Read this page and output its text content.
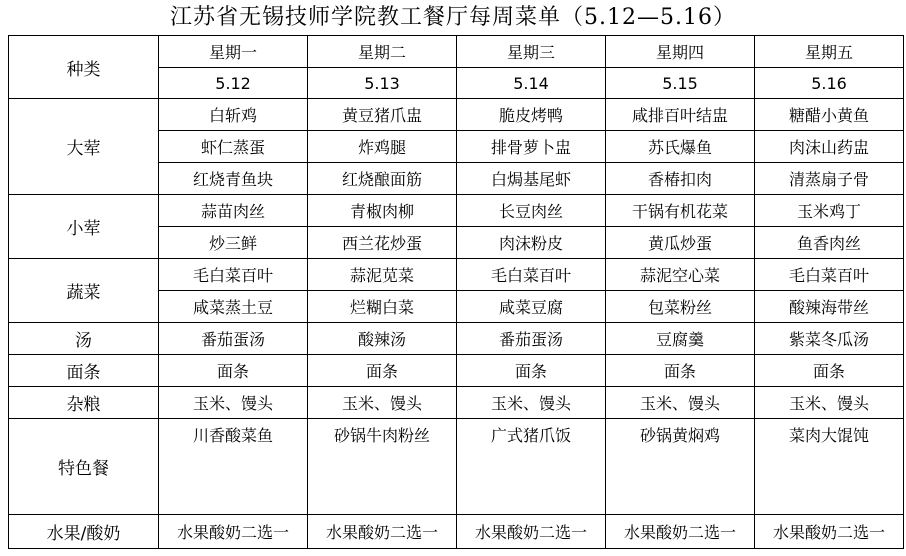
江苏省无锡技师学院教工餐厅每周菜单（5.12—5.16）
种类	星期一	星期二	星期三	星期四	星期五
	5.12	5.13	5.14	5.15	5.16
大荤	白斩鸡	黄豆猪爪盅	脆皮烤鸭	咸排百叶结盅	糖醋小黄鱼
	虾仁蒸蛋	炸鸡腿	排骨萝卜盅	苏氏爆鱼	肉沫山药盅
	红烧青鱼块	红烧酿面筋	白焗基尾虾	香椿扣肉	清蒸扇子骨
小荤	蒜苗肉丝	青椒肉柳	长豆肉丝	干锅有机花菜	玉米鸡丁
	炒三鲜	西兰花炒蛋	肉沫粉皮	黄瓜炒蛋	鱼香肉丝
蔬菜	毛白菜百叶	蒜泥苋菜	毛白菜百叶	蒜泥空心菜	毛白菜百叶
	咸菜蒸土豆	烂糊白菜	咸菜豆腐	包菜粉丝	酸辣海带丝
汤	番茄蛋汤	酸辣汤	番茄蛋汤	豆腐羹	紫菜冬瓜汤
面条	面条	面条	面条	面条	面条
杂粮	玉米、馒头	玉米、馒头	玉米、馒头	玉米、馒头	玉米、馒头
特色餐	川香酸菜鱼	砂锅牛肉粉丝	广式猪爪饭	砂锅黄焖鸡	菜肉大馄饨

水果/酸奶	水果酸奶二选一	水果酸奶二选一	水果酸奶二选一	水果酸奶二选一	水果酸奶二选一
